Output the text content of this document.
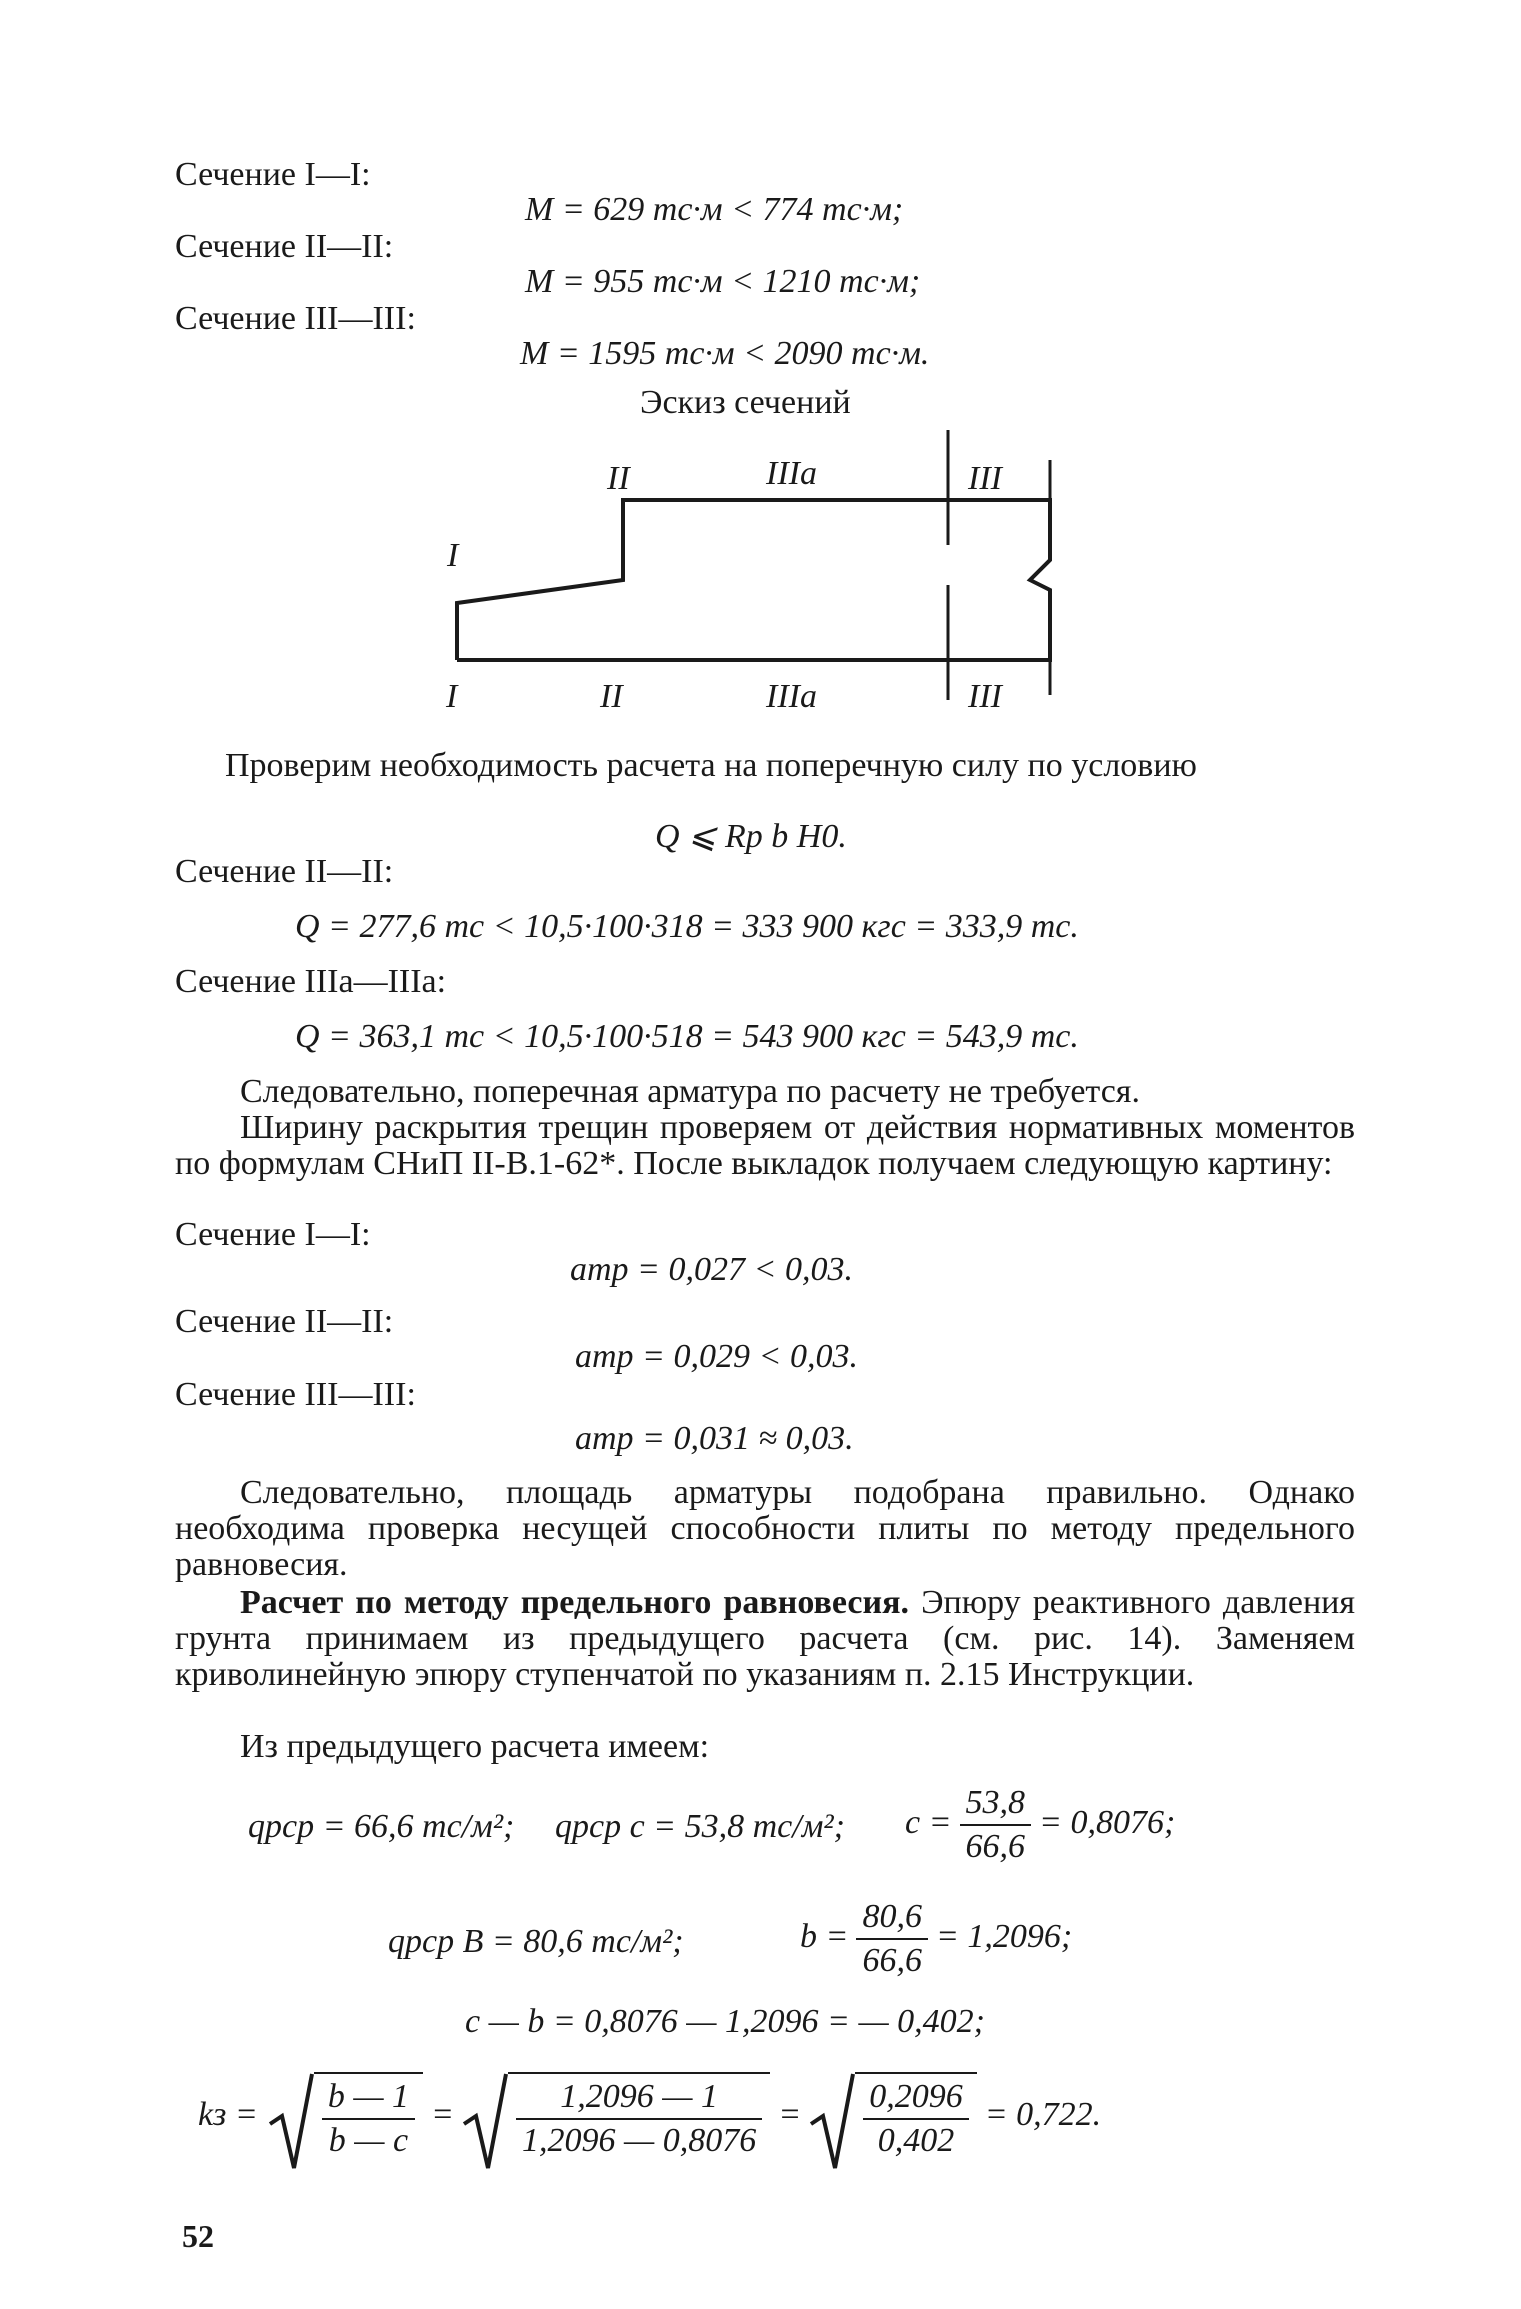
Сечение I—I:
Сечение II—II:
Сечение III—III:
M = 629 тс·м < 774 тс·м;
M = 955 тс·м < 1210 тс·м;
M = 1595 тс·м < 2090 тс·м.
Эскиз сечений
II	IIIa	III
I
I	II	IIIa	III
Проверим необходимость расчета на поперечную силу по условию
Q ⩽ Rp b H0.
Сечение II—II:
Q = 277,6 тс < 10,5·100·318 = 333 900 кгс = 333,9 тс.
Сечение IIIa—IIIa:
Q = 363,1 тс < 10,5·100·518 = 543 900 кгс = 543,9 тс.
Следовательно, поперечная арматура по расчету не требуется.
Ширину раскрытия трещин проверяем от действия нормативных моментов по формулам СНиП II-В.1-62*. После выкладок получаем следующую картину:
Сечение I—I:
aтр = 0,027 < 0,03.
Сечение II—II:
aтр = 0,029 < 0,03.
Сечение III—III:
aтр = 0,031 ≈ 0,03.
Следовательно, площадь арматуры подобрана правильно. Однако необходима проверка несущей способности плиты по методу предельного равновесия.
Расчет по методу предельного равновесия. Эпюру реактивного давления грунта принимаем из предыдущего расчета (см. рис. 14). Заменяем криволинейную эпюру ступенчатой по указаниям п. 2.15 Инструкции.
Из предыдущего расчета имеем:
qрср = 66,6 тс/м²; qрср c = 53,8 тс/м²; $c = \frac{53,8}{66,6} = 0,8076$;
qрср B = 80,6 тс/м²;	$b = \frac{80,6}{66,6} = 1,2096$;
c — b = 0,8076 — 1,2096 = — 0,402;
kз = $\frac{b — 1}{b — c} = \frac{1,2096 — 1}{1,2096 — 0,8076} = \frac{0,2096}{0,402} = 0,722$.
52
